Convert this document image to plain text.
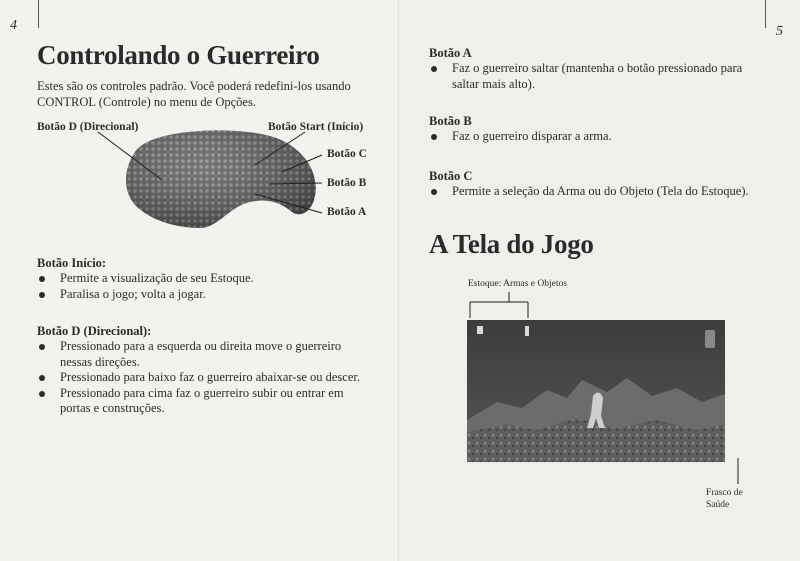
4
Controlando o Guerreiro
Estes são os controles padrão. Você poderá redefini-los usando CONTROL (Controle) no menu de Opções.
Botão D (Direcional)	Botão Start (Início)
Botão C
Botão B
Botão A
Botão Início:
Permite a visualização de seu Estoque.
Paralisa o jogo; volta a jogar.
Botão D (Direcional):
Pressionado para a esquerda ou direita move o guerreiro nessas direções.
Pressionado para baixo faz o guerreiro abaixar-se ou descer.
Pressionado para cima faz o guerreiro subir ou entrar em portas e construções.
5
Botão A
Faz o guerreiro saltar (mantenha o botão pressionado para saltar mais alto).
Botão B
Faz o guerreiro disparar a arma.
Botão C
Permite a seleção da Arma ou do Objeto (Tela do Estoque).
A Tela do Jogo
Estoque: Armas e Objetos
Frasco de Saúde
